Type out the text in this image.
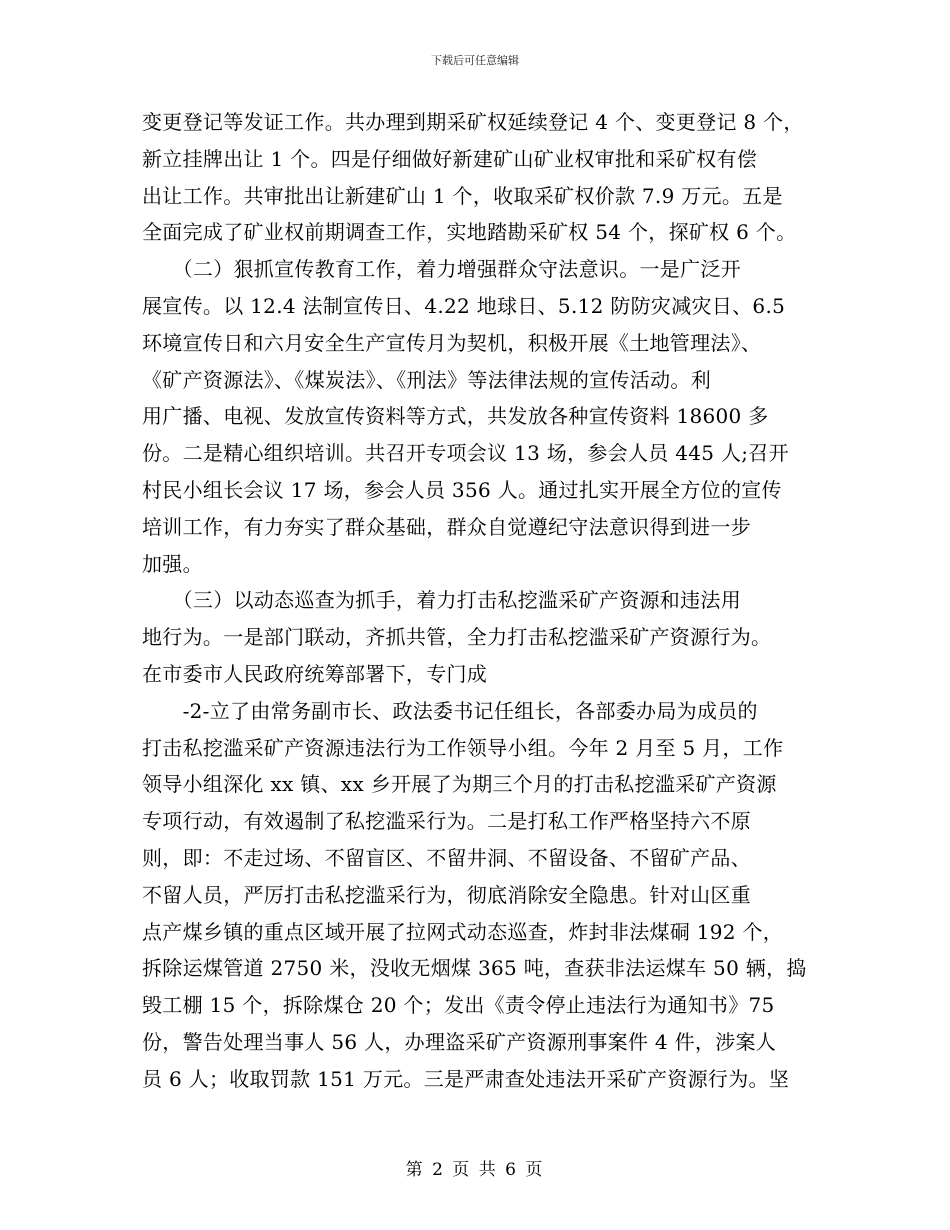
下载后可任意编辑
变更登记等发证工作。共办理到期采矿权延续登记 4 个、变更登记 8 个，
新立挂牌出让 1 个。四是仔细做好新建矿山矿业权审批和采矿权有偿
出让工作。共审批出让新建矿山 1 个，收取采矿权价款 7.9 万元。五是
全面完成了矿业权前期调查工作，实地踏勘采矿权 54 个，探矿权 6 个。
　　（二）狠抓宣传教育工作，着力增强群众守法意识。一是广泛开
展宣传。以 12.4 法制宣传日、4.22 地球日、5.12 防防灾减灾日、6.5
环境宣传日和六月安全生产宣传月为契机，积极开展《土地管理法》、
《矿产资源法》、《煤炭法》、《刑法》等法律法规的宣传活动。利
用广播、电视、发放宣传资料等方式，共发放各种宣传资料 18600 多
份。二是精心组织培训。共召开专项会议 13 场，参会人员 445 人;召开
村民小组长会议 17 场，参会人员 356 人。通过扎实开展全方位的宣传
培训工作，有力夯实了群众基础，群众自觉遵纪守法意识得到进一步
加强。
　　（三）以动态巡查为抓手，着力打击私挖滥采矿产资源和违法用
地行为。一是部门联动，齐抓共管，全力打击私挖滥采矿产资源行为。
在市委市人民政府统筹部署下，专门成
　　-2-立了由常务副市长、政法委书记任组长，各部委办局为成员的
打击私挖滥采矿产资源违法行为工作领导小组。今年 2 月至 5 月，工作
领导小组深化 xx 镇、xx 乡开展了为期三个月的打击私挖滥采矿产资源
专项行动，有效遏制了私挖滥采行为。二是打私工作严格坚持六不原
则，即：不走过场、不留盲区、不留井洞、不留设备、不留矿产品、
不留人员，严厉打击私挖滥采行为，彻底消除安全隐患。针对山区重
点产煤乡镇的重点区域开展了拉网式动态巡查，炸封非法煤硐 192 个，
拆除运煤管道 2750 米，没收无烟煤 365 吨，查获非法运煤车 50 辆，捣
毁工棚 15 个，拆除煤仓 20 个；发出《责令停止违法行为通知书》75
份，警告处理当事人 56 人，办理盗采矿产资源刑事案件 4 件，涉案人
员 6 人；收取罚款 151 万元。三是严肃查处违法开采矿产资源行为。坚
第 2 页 共 6 页
